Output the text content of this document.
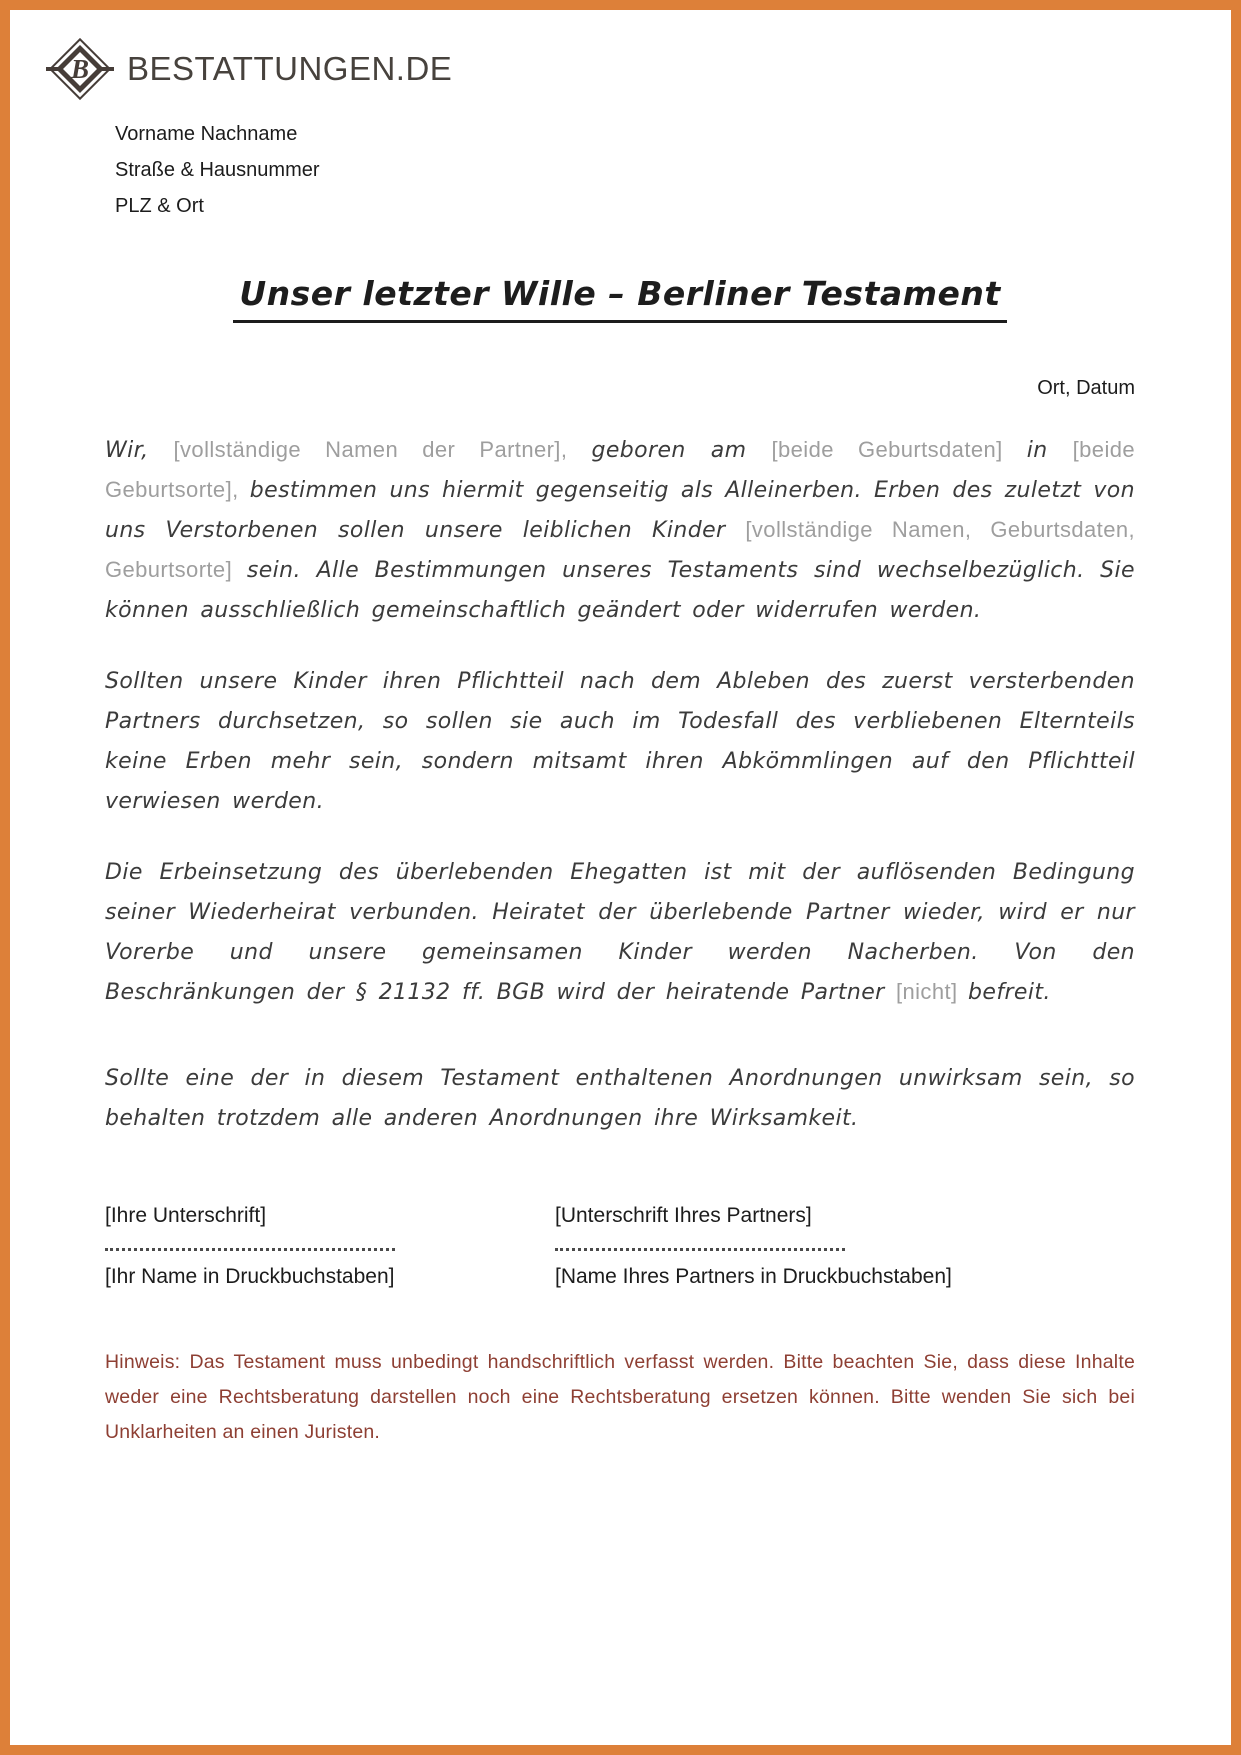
B	BESTATTUNGEN.DE
Vorname Nachname
Straße & Hausnummer
PLZ & Ort
Unser letzter Wille – Berliner Testament
Ort, Datum

Wir, [vollständige Namen der Partner], geboren am [beide Geburtsdaten] in [beide Geburtsorte], bestimmen uns hiermit gegenseitig als Alleinerben. Erben des zuletzt von uns Verstorbenen sollen unsere leiblichen Kinder [vollständige Namen, Geburtsdaten, Geburtsorte] sein. Alle Bestimmungen unseres Testaments sind wechselbezüglich. Sie können ausschließlich gemeinschaftlich geändert oder widerrufen werden.

Sollten unsere Kinder ihren Pflichtteil nach dem Ableben des zuerst versterbenden Partners durchsetzen, so sollen sie auch im Todesfall des verbliebenen Elternteils keine Erben mehr sein, sondern mitsamt ihren Abkömmlingen auf den Pflichtteil verwiesen werden.

Die Erbeinsetzung des überlebenden Ehegatten ist mit der auflösenden Bedingung seiner Wiederheirat verbunden. Heiratet der überlebende Partner wieder, wird er nur Vorerbe und unsere gemeinsamen Kinder werden Nacherben. Von den Beschränkungen der § 21132 ff. BGB wird der heiratende Partner [nicht] befreit.

Sollte eine der in diesem Testament enthaltenen Anordnungen unwirksam sein, so behalten trotzdem alle anderen Anordnungen ihre Wirksamkeit.

[Ihre Unterschrift]
[Ihr Name in Druckbuchstaben]
[Unterschrift Ihres Partners]
[Name Ihres Partners in Druckbuchstaben]
Hinweis: Das Testament muss unbedingt handschriftlich verfasst werden. Bitte beachten Sie, dass diese Inhalte weder eine Rechtsberatung darstellen noch eine Rechtsberatung ersetzen können. Bitte wenden Sie sich bei Unklarheiten an einen Juristen.
